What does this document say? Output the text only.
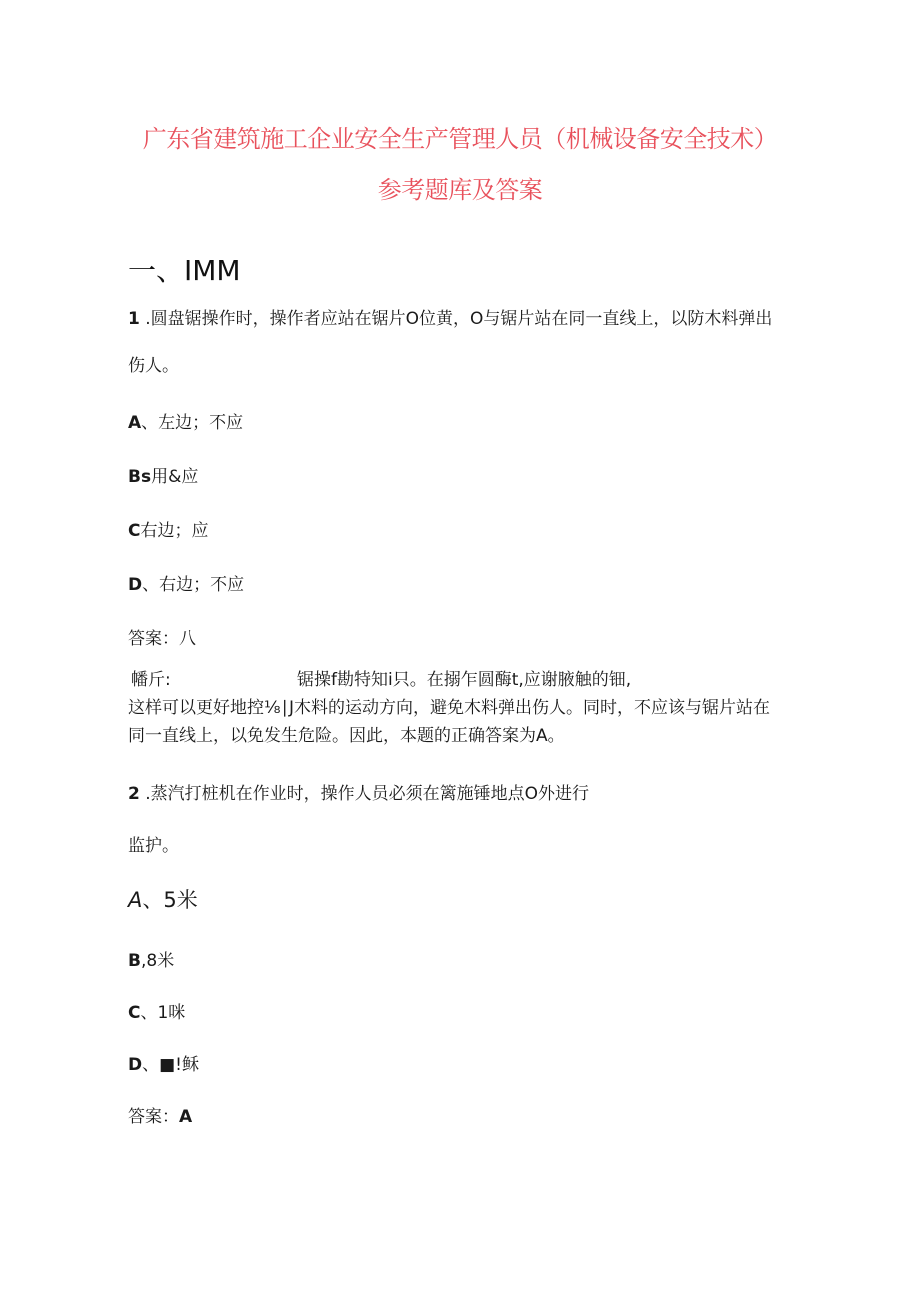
广东省建筑施工企业安全生产管理人员（机械设备安全技术）
参考题库及答案
一、IMM
1 .圆盘锯操作时，操作者应站在锯片O位黄，O与锯片站在同一直线上，以防木料弹出
伤人。
A、左边；不应
Bs用&应
C右边；应
D、右边；不应
答案：八
幡斤:	锯操f勘特知i只。在搦乍圆酶t,应谢腋触的钿,
这样可以更好地控⅛∣J木料的运动方向，避免木料弹出伤人。同时，不应该与锯片站在
同一直线上，以免发生危险。因此，本题的正确答案为A。
2 .蒸汽打桩机在作业时，操作人员必须在篱施锤地点O外进行
监护。
A、5米
B,8米
C、1咪
D、■!稣
答案：A
